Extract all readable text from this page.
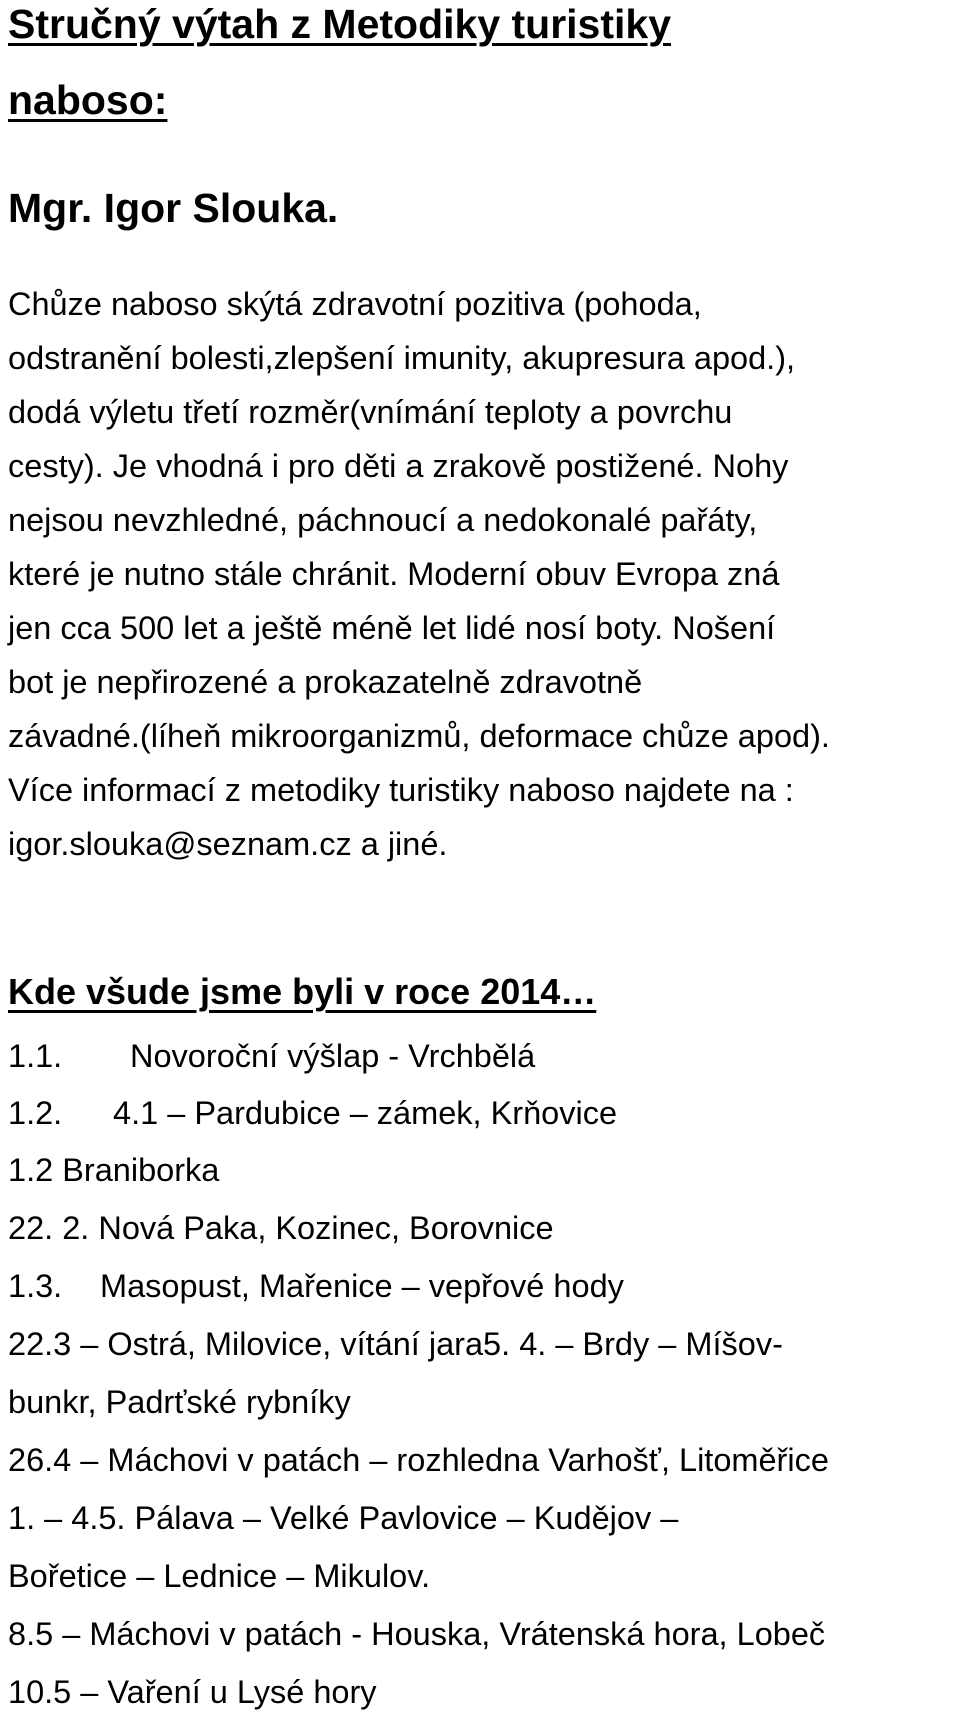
Stručný výtah z Metodiky turistiky
naboso:
Mgr. Igor Slouka.
Chůze naboso skýtá zdravotní pozitiva (pohoda,
odstranění bolesti,zlepšení imunity, akupresura apod.),
dodá výletu třetí rozměr(vnímání teploty a povrchu
cesty). Je vhodná i pro děti a zrakově postižené. Nohy
nejsou nevzhledné, páchnoucí a nedokonalé pařáty,
které je nutno stále chránit. Moderní obuv Evropa zná
jen cca 500 let a ještě méně let lidé nosí boty. Nošení
bot je nepřirozené a prokazatelně zdravotně
závadné.(líheň mikroorganizmů, deformace chůze apod).
Více informací z metodiky turistiky naboso najdete na :
igor.slouka@seznam.cz a jiné.
Kde všude jsme byli v roce 2014…
1.1. Novoroční výšlap - Vrchbělá
1.2. 4.1 – Pardubice – zámek, Krňovice
1.2 Braniborka
22. 2. Nová Paka, Kozinec, Borovnice
1.3. Masopust, Mařenice – vepřové hody
22.3 – Ostrá, Milovice, vítání jara5. 4. – Brdy – Míšov-
bunkr, Padrťské rybníky
26.4 – Máchovi v patách – rozhledna Varhošť, Litoměřice
1. – 4.5. Pálava – Velké Pavlovice – Kudějov –
Bořetice – Lednice – Mikulov.
8.5 – Máchovi v patách - Houska, Vrátenská hora, Lobeč
10.5 – Vaření u Lysé hory
